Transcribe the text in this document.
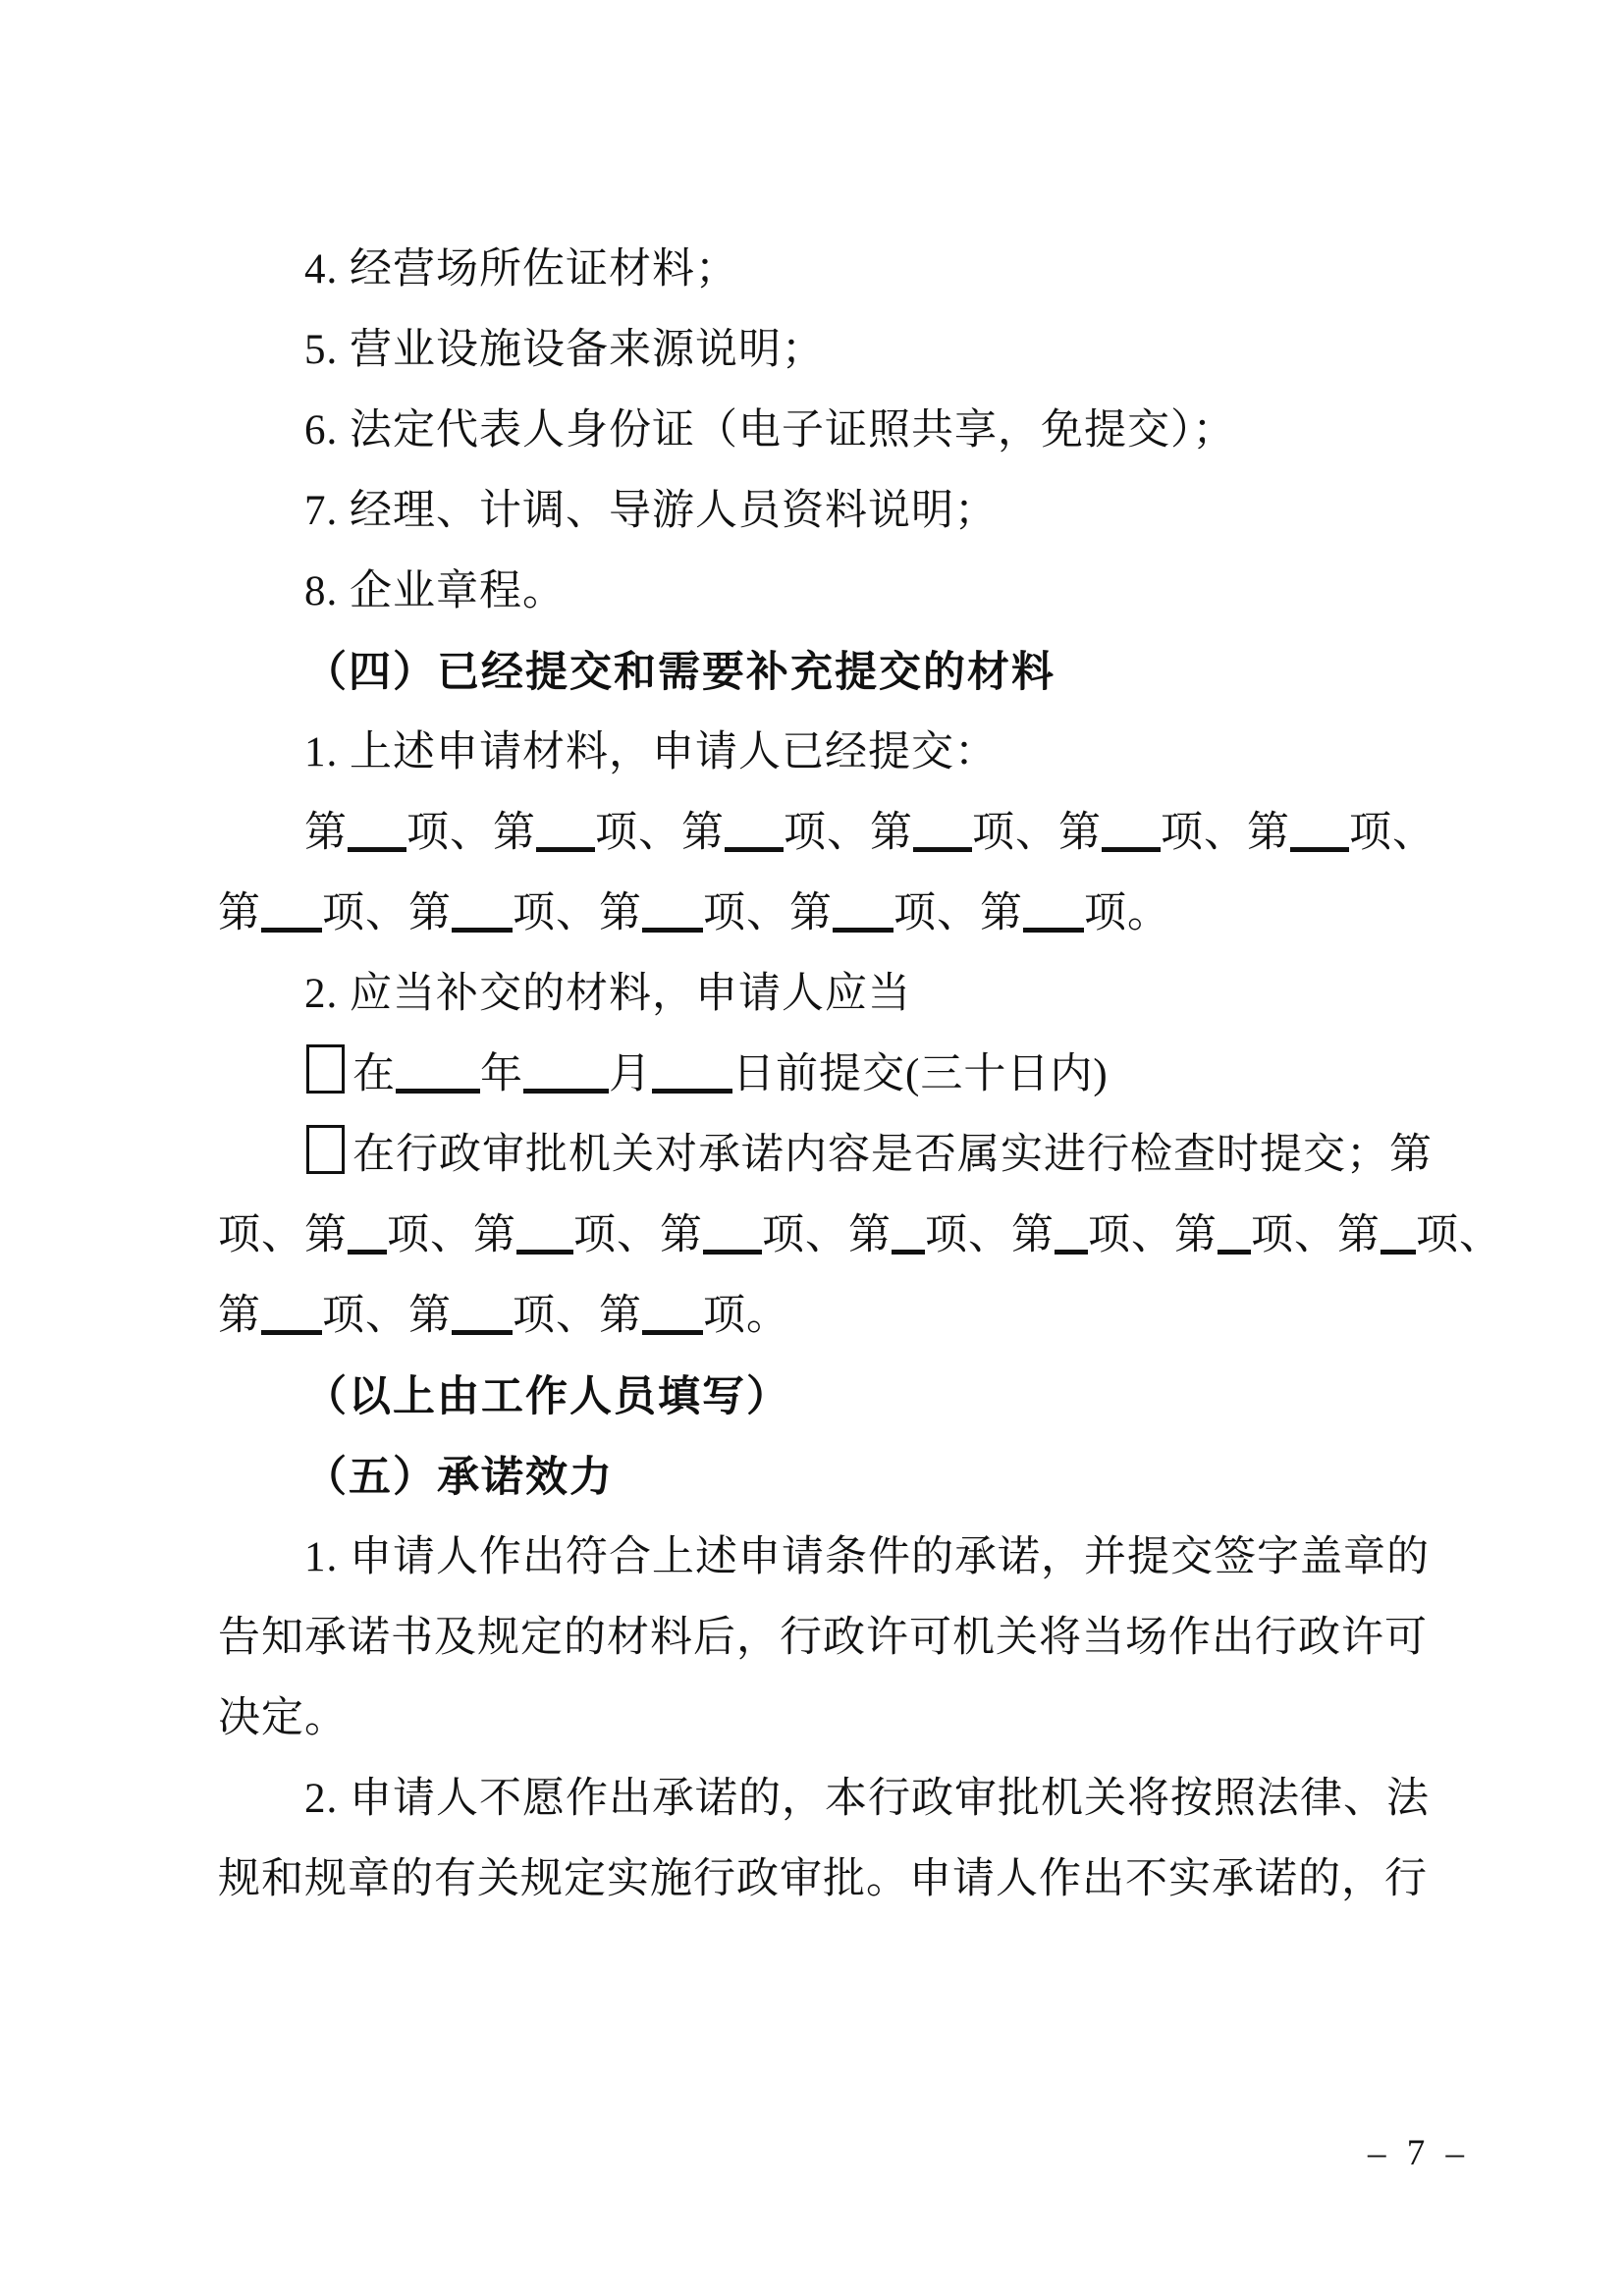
4. 经营场所佐证材料；
5. 营业设施设备来源说明；
6. 法定代表人身份证（电子证照共享，免提交）；
7. 经理、计调、导游人员资料说明；
8. 企业章程。
（四）已经提交和需要补充提交的材料
1. 上述申请材料，申请人已经提交：
第 项、第 项、第 项、第 项、第 项、第 项、
第 项、第 项、第 项、第 项、第 项。
2. 应当补交的材料，申请人应当
在 年 月 日前提交(三十日内)
在行政审批机关对承诺内容是否属实进行检查时提交；第
项、第 项、第 项、第 项、第 项、第 项、第 项、第 项、
第 项、第 项、第 项。
（以上由工作人员填写）
（五）承诺效力
1. 申请人作出符合上述申请条件的承诺，并提交签字盖章的
告知承诺书及规定的材料后，行政许可机关将当场作出行政许可
决定。
2. 申请人不愿作出承诺的，本行政审批机关将按照法律、法
规和规章的有关规定实施行政审批。申请人作出不实承诺的，行
– 7 –
